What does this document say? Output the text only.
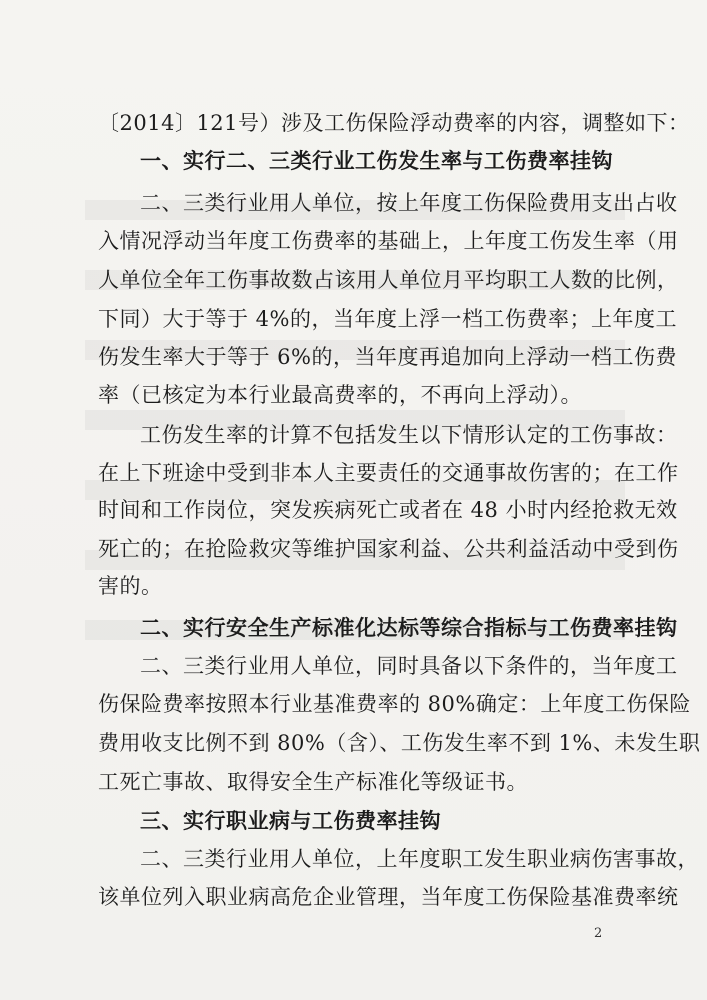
〔2014〕121号）涉及工伤保险浮动费率的内容，调整如下：
一、实行二、三类行业工伤发生率与工伤费率挂钩
二、三类行业用人单位，按上年度工伤保险费用支出占收
入情况浮动当年度工伤费率的基础上，上年度工伤发生率（用
人单位全年工伤事故数占该用人单位月平均职工人数的比例，
下同）大于等于 4%的，当年度上浮一档工伤费率；上年度工
伤发生率大于等于 6%的，当年度再追加向上浮动一档工伤费
率（已核定为本行业最高费率的，不再向上浮动）。
工伤发生率的计算不包括发生以下情形认定的工伤事故：
在上下班途中受到非本人主要责任的交通事故伤害的；在工作
时间和工作岗位，突发疾病死亡或者在 48 小时内经抢救无效
死亡的；在抢险救灾等维护国家利益、公共利益活动中受到伤
害的。
二、实行安全生产标准化达标等综合指标与工伤费率挂钩
二、三类行业用人单位，同时具备以下条件的，当年度工
伤保险费率按照本行业基准费率的 80%确定：上年度工伤保险
费用收支比例不到 80%（含）、工伤发生率不到 1%、未发生职
工死亡事故、取得安全生产标准化等级证书。
三、实行职业病与工伤费率挂钩
二、三类行业用人单位，上年度职工发生职业病伤害事故，
该单位列入职业病高危企业管理，当年度工伤保险基准费率统
2
